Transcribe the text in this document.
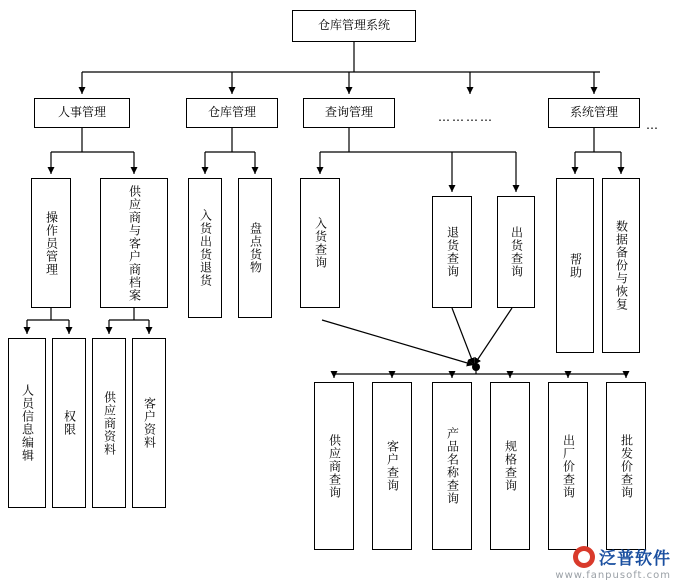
仓库管理系统
人事管理	仓库管理	查询管理	系统管理
操作员管理	供应商与客户商档案	入货出货退货	盘点货物	入货查询	退货查询	出货查询	帮助	数据备份与恢复
人员信息编辑 权限 供应商资料 客户资料
供应商查询	客户查询	产品名称查询	规格查询	出厂价查询	批发价查询
…………
…
泛普软件
www.fanpusoft.com
